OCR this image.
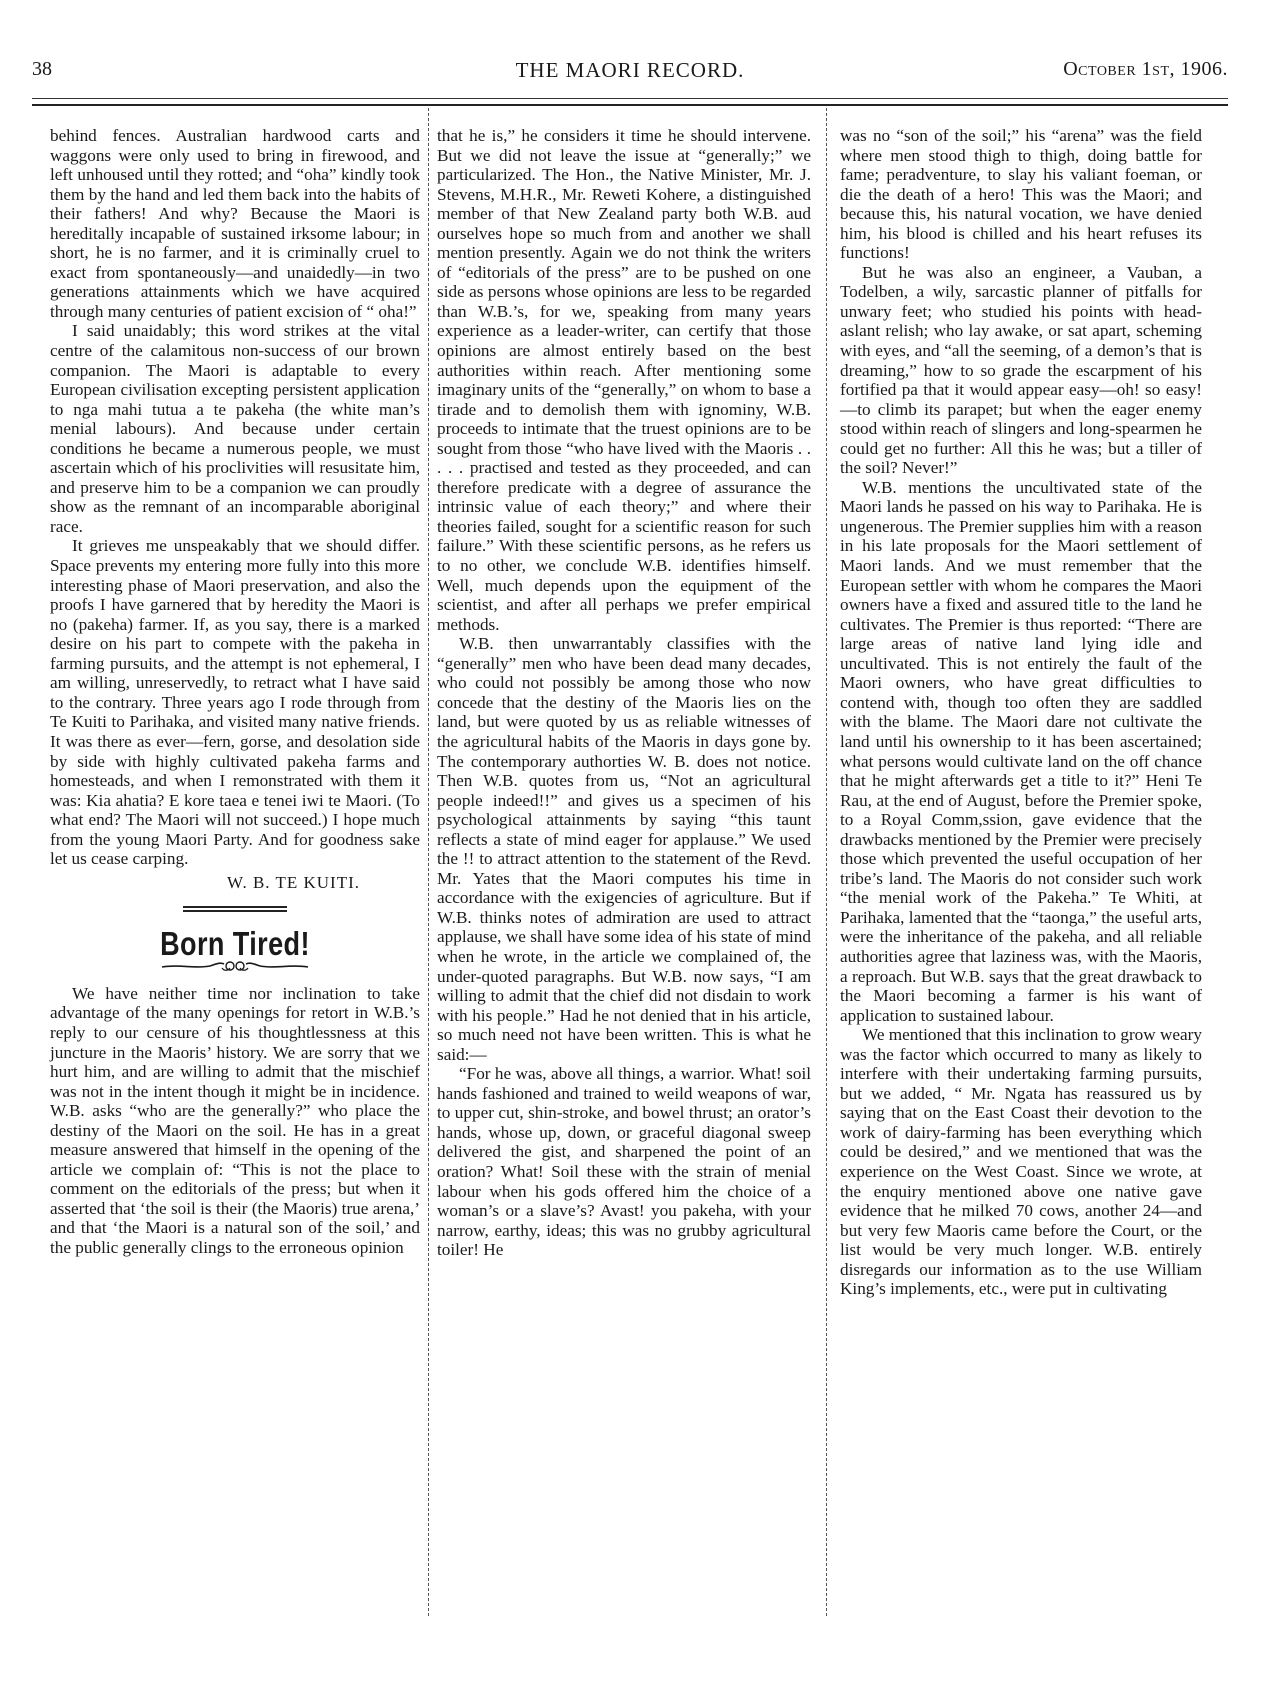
38	THE MAORI RECORD.	October 1st, 1906.

behind fences. Australian hardwood carts and waggons were only used to bring in firewood, and left unhoused until they rotted; and “oha” kindly took them by the hand and led them back into the habits of their fathers! And why? Because the Maori is hereditally incapable of sustained irksome labour; in short, he is no farmer, and it is criminally cruel to exact from spontaneously—and unaidedly—in two generations attainments which we have acquired through many centuries of patient excision of “ oha!”

I said unaidably; this word strikes at the vital centre of the calamitous non-success of our brown companion. The Maori is adaptable to every European civilisation excepting persistent application to nga mahi tutua a te pakeha (the white man’s menial labours). And because under certain conditions he became a numerous people, we must ascertain which of his proclivities will resusitate him, and preserve him to be a companion we can proudly show as the remnant of an incomparable aboriginal race.

It grieves me unspeakably that we should differ. Space prevents my entering more fully into this more interesting phase of Maori preservation, and also the proofs I have garnered that by heredity the Maori is no (pakeha) farmer. If, as you say, there is a marked desire on his part to compete with the pakeha in farming pursuits, and the attempt is not ephemeral, I am willing, unreservedly, to retract what I have said to the contrary. Three years ago I rode through from Te Kuiti to Parihaka, and visited many native friends. It was there as ever—fern, gorse, and desolation side by side with highly cultivated pakeha farms and homesteads, and when I remonstrated with them it was: Kia ahatia? E kore taea e tenei iwi te Maori. (To what end? The Maori will not succeed.) I hope much from the young Maori Party. And for goodness sake let us cease carping.

W. B. TE KUITI.
Born Tired!

We have neither time nor inclination to take advantage of the many openings for retort in W.B.’s reply to our censure of his thoughtlessness at this juncture in the Maoris’ history. We are sorry that we hurt him, and are willing to admit that the mischief was not in the intent though it might be in incidence. W.B. asks “who are the generally?” who place the destiny of the Maori on the soil. He has in a great measure answered that himself in the opening of the article we complain of: “This is not the place to comment on the editorials of the press; but when it asserted that ‘the soil is their (the Maoris) true arena,’ and that ‘the Maori is a natural son of the soil,’ and the public generally clings to the erroneous opinion

that he is,” he considers it time he should intervene. But we did not leave the issue at “generally;” we particularized. The Hon., the Native Minister, Mr. J. Stevens, M.H.R., Mr. Reweti Kohere, a distinguished member of that New Zealand party both W.B. aud ourselves hope so much from and another we shall mention presently. Again we do not think the writers of “editorials of the press” are to be pushed on one side as persons whose opinions are less to be regarded than W.B.’s, for we, speaking from many years experience as a leader-writer, can certify that those opinions are almost entirely based on the best authorities within reach. After mentioning some imaginary units of the “generally,” on whom to base a tirade and to demolish them with ignominy, W.B. proceeds to intimate that the truest opinions are to be sought from those “who have lived with the Maoris . . . . . practised and tested as they proceeded, and can therefore predicate with a degree of assurance the intrinsic value of each theory;” and where their theories failed, sought for a scientific reason for such failure.” With these scientific persons, as he refers us to no other, we conclude W.B. identifies himself. Well, much depends upon the equipment of the scientist, and after all perhaps we prefer empirical methods.

W.B. then unwarrantably classifies with the “generally” men who have been dead many decades, who could not possibly be among those who now concede that the destiny of the Maoris lies on the land, but were quoted by us as reliable witnesses of the agricultural habits of the Maoris in days gone by. The contemporary authorties W. B. does not notice. Then W.B. quotes from us, “Not an agricultural people indeed!!” and gives us a specimen of his psychological attainments by saying “this taunt reflects a state of mind eager for applause.” We used the !! to attract attention to the statement of the Revd. Mr. Yates that the Maori computes his time in accordance with the exigencies of agriculture. But if W.B. thinks notes of admiration are used to attract applause, we shall have some idea of his state of mind when he wrote, in the article we complained of, the under-quoted paragraphs. But W.B. now says, “I am willing to admit that the chief did not disdain to work with his people.” Had he not denied that in his article, so much need not have been written. This is what he said:—

“For he was, above all things, a warrior. What! soil hands fashioned and trained to weild weapons of war, to upper cut, shin-stroke, and bowel thrust; an orator’s hands, whose up, down, or graceful diagonal sweep delivered the gist, and sharpened the point of an oration? What! Soil these with the strain of menial labour when his gods offered him the choice of a woman’s or a slave’s? Avast! you pakeha, with your narrow, earthy, ideas; this was no grubby agricultural toiler! He

was no “son of the soil;” his “arena” was the field where men stood thigh to thigh, doing battle for fame; peradventure, to slay his valiant foeman, or die the death of a hero! This was the Maori; and because this, his natural vocation, we have denied him, his blood is chilled and his heart refuses its functions!

But he was also an engineer, a Vauban, a Todelben, a wily, sarcastic planner of pitfalls for unwary feet; who studied his points with head-aslant relish; who lay awake, or sat apart, scheming with eyes, and “all the seeming, of a demon’s that is dreaming,” how to so grade the escarpment of his fortified pa that it would appear easy—oh! so easy!—to climb its parapet; but when the eager enemy stood within reach of slingers and long-spearmen he could get no further: All this he was; but a tiller of the soil? Never!”

W.B. mentions the uncultivated state of the Maori lands he passed on his way to Parihaka. He is ungenerous. The Premier supplies him with a reason in his late proposals for the Maori settlement of Maori lands. And we must remember that the European settler with whom he compares the Maori owners have a fixed and assured title to the land he cultivates. The Premier is thus reported: “There are large areas of native land lying idle and uncultivated. This is not entirely the fault of the Maori owners, who have great difficulties to contend with, though too often they are saddled with the blame. The Maori dare not cultivate the land until his ownership to it has been ascertained; what persons would cultivate land on the off chance that he might afterwards get a title to it?” Heni Te Rau, at the end of August, before the Premier spoke, to a Royal Comm,ssion, gave evidence that the drawbacks mentioned by the Premier were precisely those which prevented the useful occupation of her tribe’s land. The Maoris do not consider such work “the menial work of the Pakeha.” Te Whiti, at Parihaka, lamented that the “taonga,” the useful arts, were the inheritance of the pakeha, and all reliable authorities agree that laziness was, with the Maoris, a reproach. But W.B. says that the great drawback to the Maori becoming a farmer is his want of application to sustained labour.

We mentioned that this inclination to grow weary was the factor which occurred to many as likely to interfere with their undertaking farming pursuits, but we added, “ Mr. Ngata has reassured us by saying that on the East Coast their devotion to the work of dairy-farming has been everything which could be desired,” and we mentioned that was the experience on the West Coast. Since we wrote, at the enquiry mentioned above one native gave evidence that he milked 70 cows, another 24—and but very few Maoris came before the Court, or the list would be very much longer. W.B. entirely disregards our information as to the use William King’s implements, etc., were put in cultivating
